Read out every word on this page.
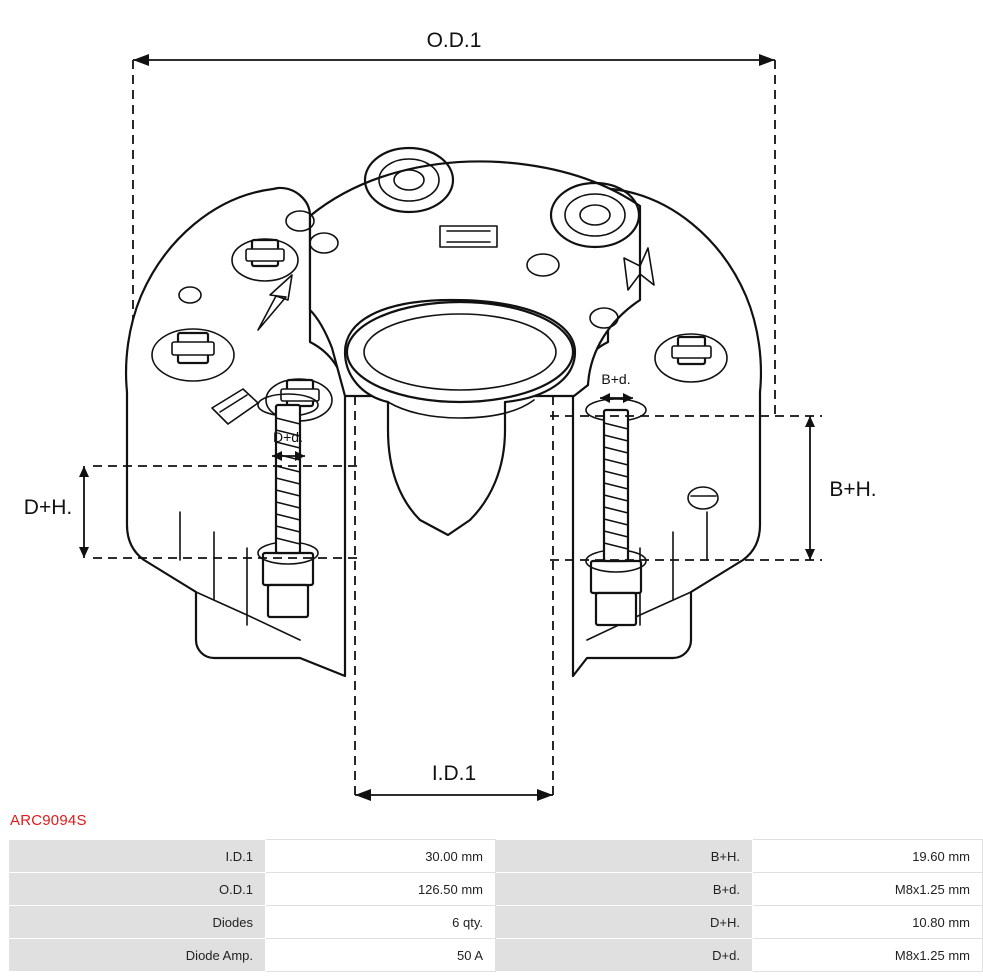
O.D.1
D+d.
B+d.
D+H.
B+H.
I.D.1
ARC9094S
I.D.1	30.00 mm	B+H.	19.60 mm
O.D.1	126.50 mm	B+d.	M8x1.25 mm
Diodes	6 qty.	D+H.	10.80 mm
Diode Amp.	50 A	D+d.	M8x1.25 mm
